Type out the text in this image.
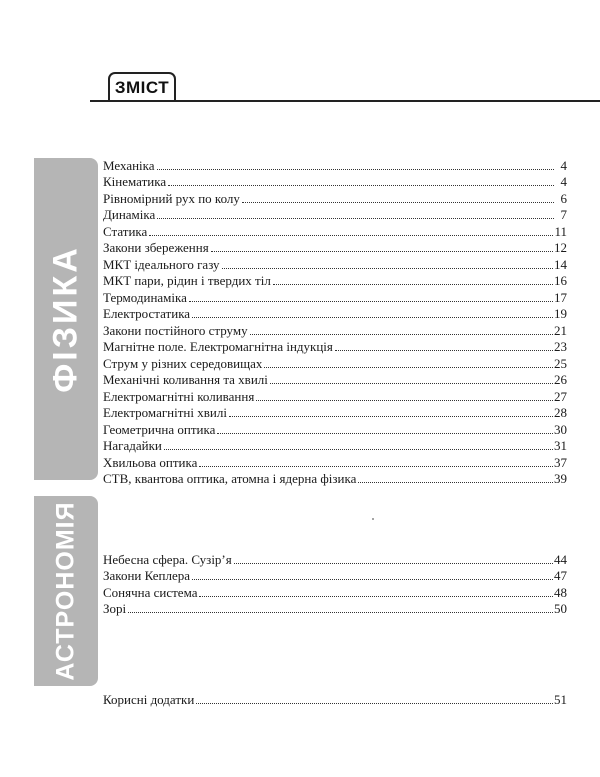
ЗМІСТ
ФІЗИКА
АСТРОНОМІЯ
Механіка	4
Кінематика	4
Рівномірний рух по колу	6
Динаміка	7
Статика	11
Закони збереження	12
МКТ ідеального газу	14
МКТ пари, рідин і твердих тіл	16
Термодинаміка	17
Електростатика	19
Закони постійного струму	21
Магнітне поле. Електромагнітна індукція	23
Струм у різних середовищах	25
Механічні коливання та хвилі	26
Електромагнітні коливання	27
Електромагнітні хвилі	28
Геометрична оптика	30
Нагадайки	31
Хвильова оптика	37
СТВ, квантова оптика, атомна і ядерна фізика	39
Небесна сфера. Сузір’я	44
Закони Кеплера	47
Сонячна система	48
Зорі	50
Корисні додатки	51
